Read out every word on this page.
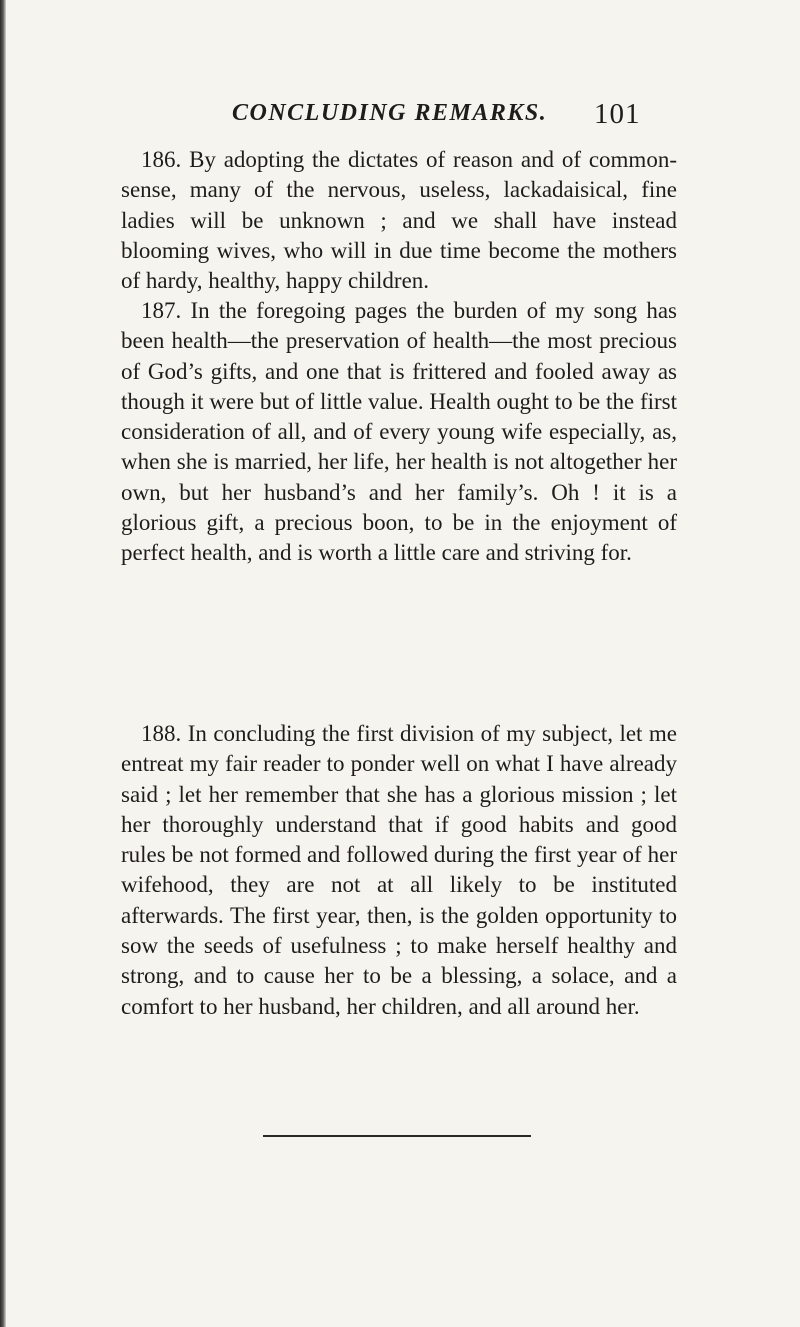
CONCLUDING REMARKS. 101

186. By adopting the dictates of reason and of common-sense, many of the nervous, useless, lackadaisical, fine ladies will be unknown ; and we shall have instead blooming wives, who will in due time become the mothers of hardy, healthy, happy children.

187. In the foregoing pages the burden of my song has been health—the preservation of health—the most precious of God’s gifts, and one that is frittered and fooled away as though it were but of little value. Health ought to be the first consideration of all, and of every young wife especially, as, when she is married, her life, her health is not altogether her own, but her husband’s and her family’s. Oh ! it is a glorious gift, a precious boon, to be in the enjoyment of perfect health, and is worth a little care and striving for.

188. In concluding the first division of my subject, let me entreat my fair reader to ponder well on what I have already said ; let her remember that she has a glorious mission ; let her thoroughly understand that if good habits and good rules be not formed and followed during the first year of her wifehood, they are not at all likely to be instituted afterwards. The first year, then, is the golden opportunity to sow the seeds of usefulness ; to make herself healthy and strong, and to cause her to be a blessing, a solace, and a comfort to her husband, her children, and all around her.
